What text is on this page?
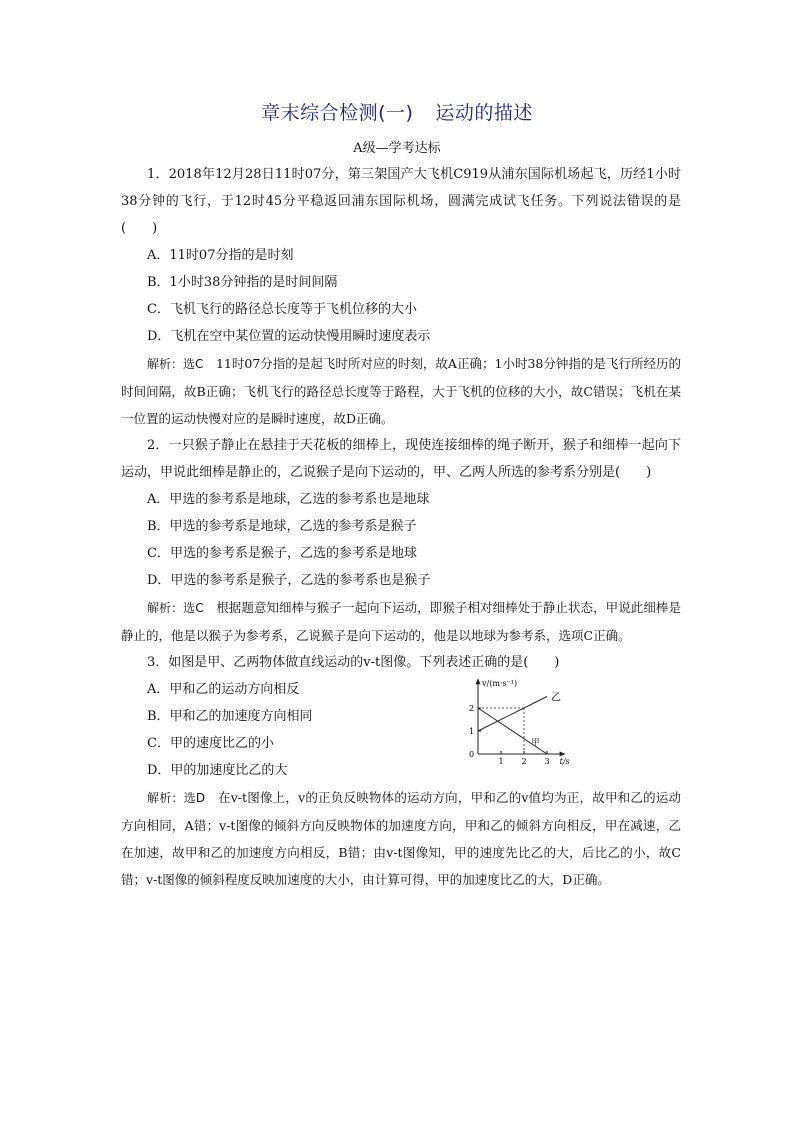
章末综合检测(一) 运动的描述
A级—学考达标

1．2018年12月28日11时07分，第三架国产大飞机C919从浦东国际机场起飞，历经1小时38分钟的飞行，于12时45分平稳返回浦东国际机场，圆满完成试飞任务。下列说法错误的是(　　)

A．11时07分指的是时刻

B．1小时38分钟指的是时间间隔

C．飞机飞行的路径总长度等于飞机位移的大小

D．飞机在空中某位置的运动快慢用瞬时速度表示

解析：选C　 11时07分指的是起飞时所对应的时刻，故A正确；1小时38分钟指的是飞行所经历的时间间隔，故B正确；飞机飞行的路径总长度等于路程，大于飞机的位移的大小，故C错误；飞机在某一位置的运动快慢对应的是瞬时速度，故D正确。

2．一只猴子静止在悬挂于天花板的细棒上，现使连接细棒的绳子断开，猴子和细棒一起向下运动，甲说此细棒是静止的，乙说猴子是向下运动的，甲、乙两人所选的参考系分别是(　　)

A．甲选的参考系是地球，乙选的参考系也是地球

B．甲选的参考系是地球，乙选的参考系是猴子

C．甲选的参考系是猴子，乙选的参考系是地球

D．甲选的参考系是猴子，乙选的参考系也是猴子

解析：选C　 根据题意知细棒与猴子一起向下运动，即猴子相对细棒处于静止状态，甲说此细棒是静止的，他是以猴子为参考系，乙说猴子是向下运动的，他是以地球为参考系，选项C正确。

3．如图是甲、乙两物体做直线运动的v-t图像。下列表述正确的是(　　)

A．甲和乙的运动方向相反

B．甲和乙的加速度方向相同

C．甲的速度比乙的小

D．甲的加速度比乙的大

v/(m·s⁻¹)
t/s
1 2 3
0
1
2
甲
乙

解析：选D　 在v-t图像上，v的正负反映物体的运动方向，甲和乙的v值均为正，故甲和乙的运动方向相同，A错；v-t图像的倾斜方向反映物体的加速度方向，甲和乙的倾斜方向相反，甲在减速，乙在加速，故甲和乙的加速度方向相反，B错；由v-t图像知，甲的速度先比乙的大，后比乙的小，故C错；v-t图像的倾斜程度反映加速度的大小，由计算可得，甲的加速度比乙的大，D正确。
